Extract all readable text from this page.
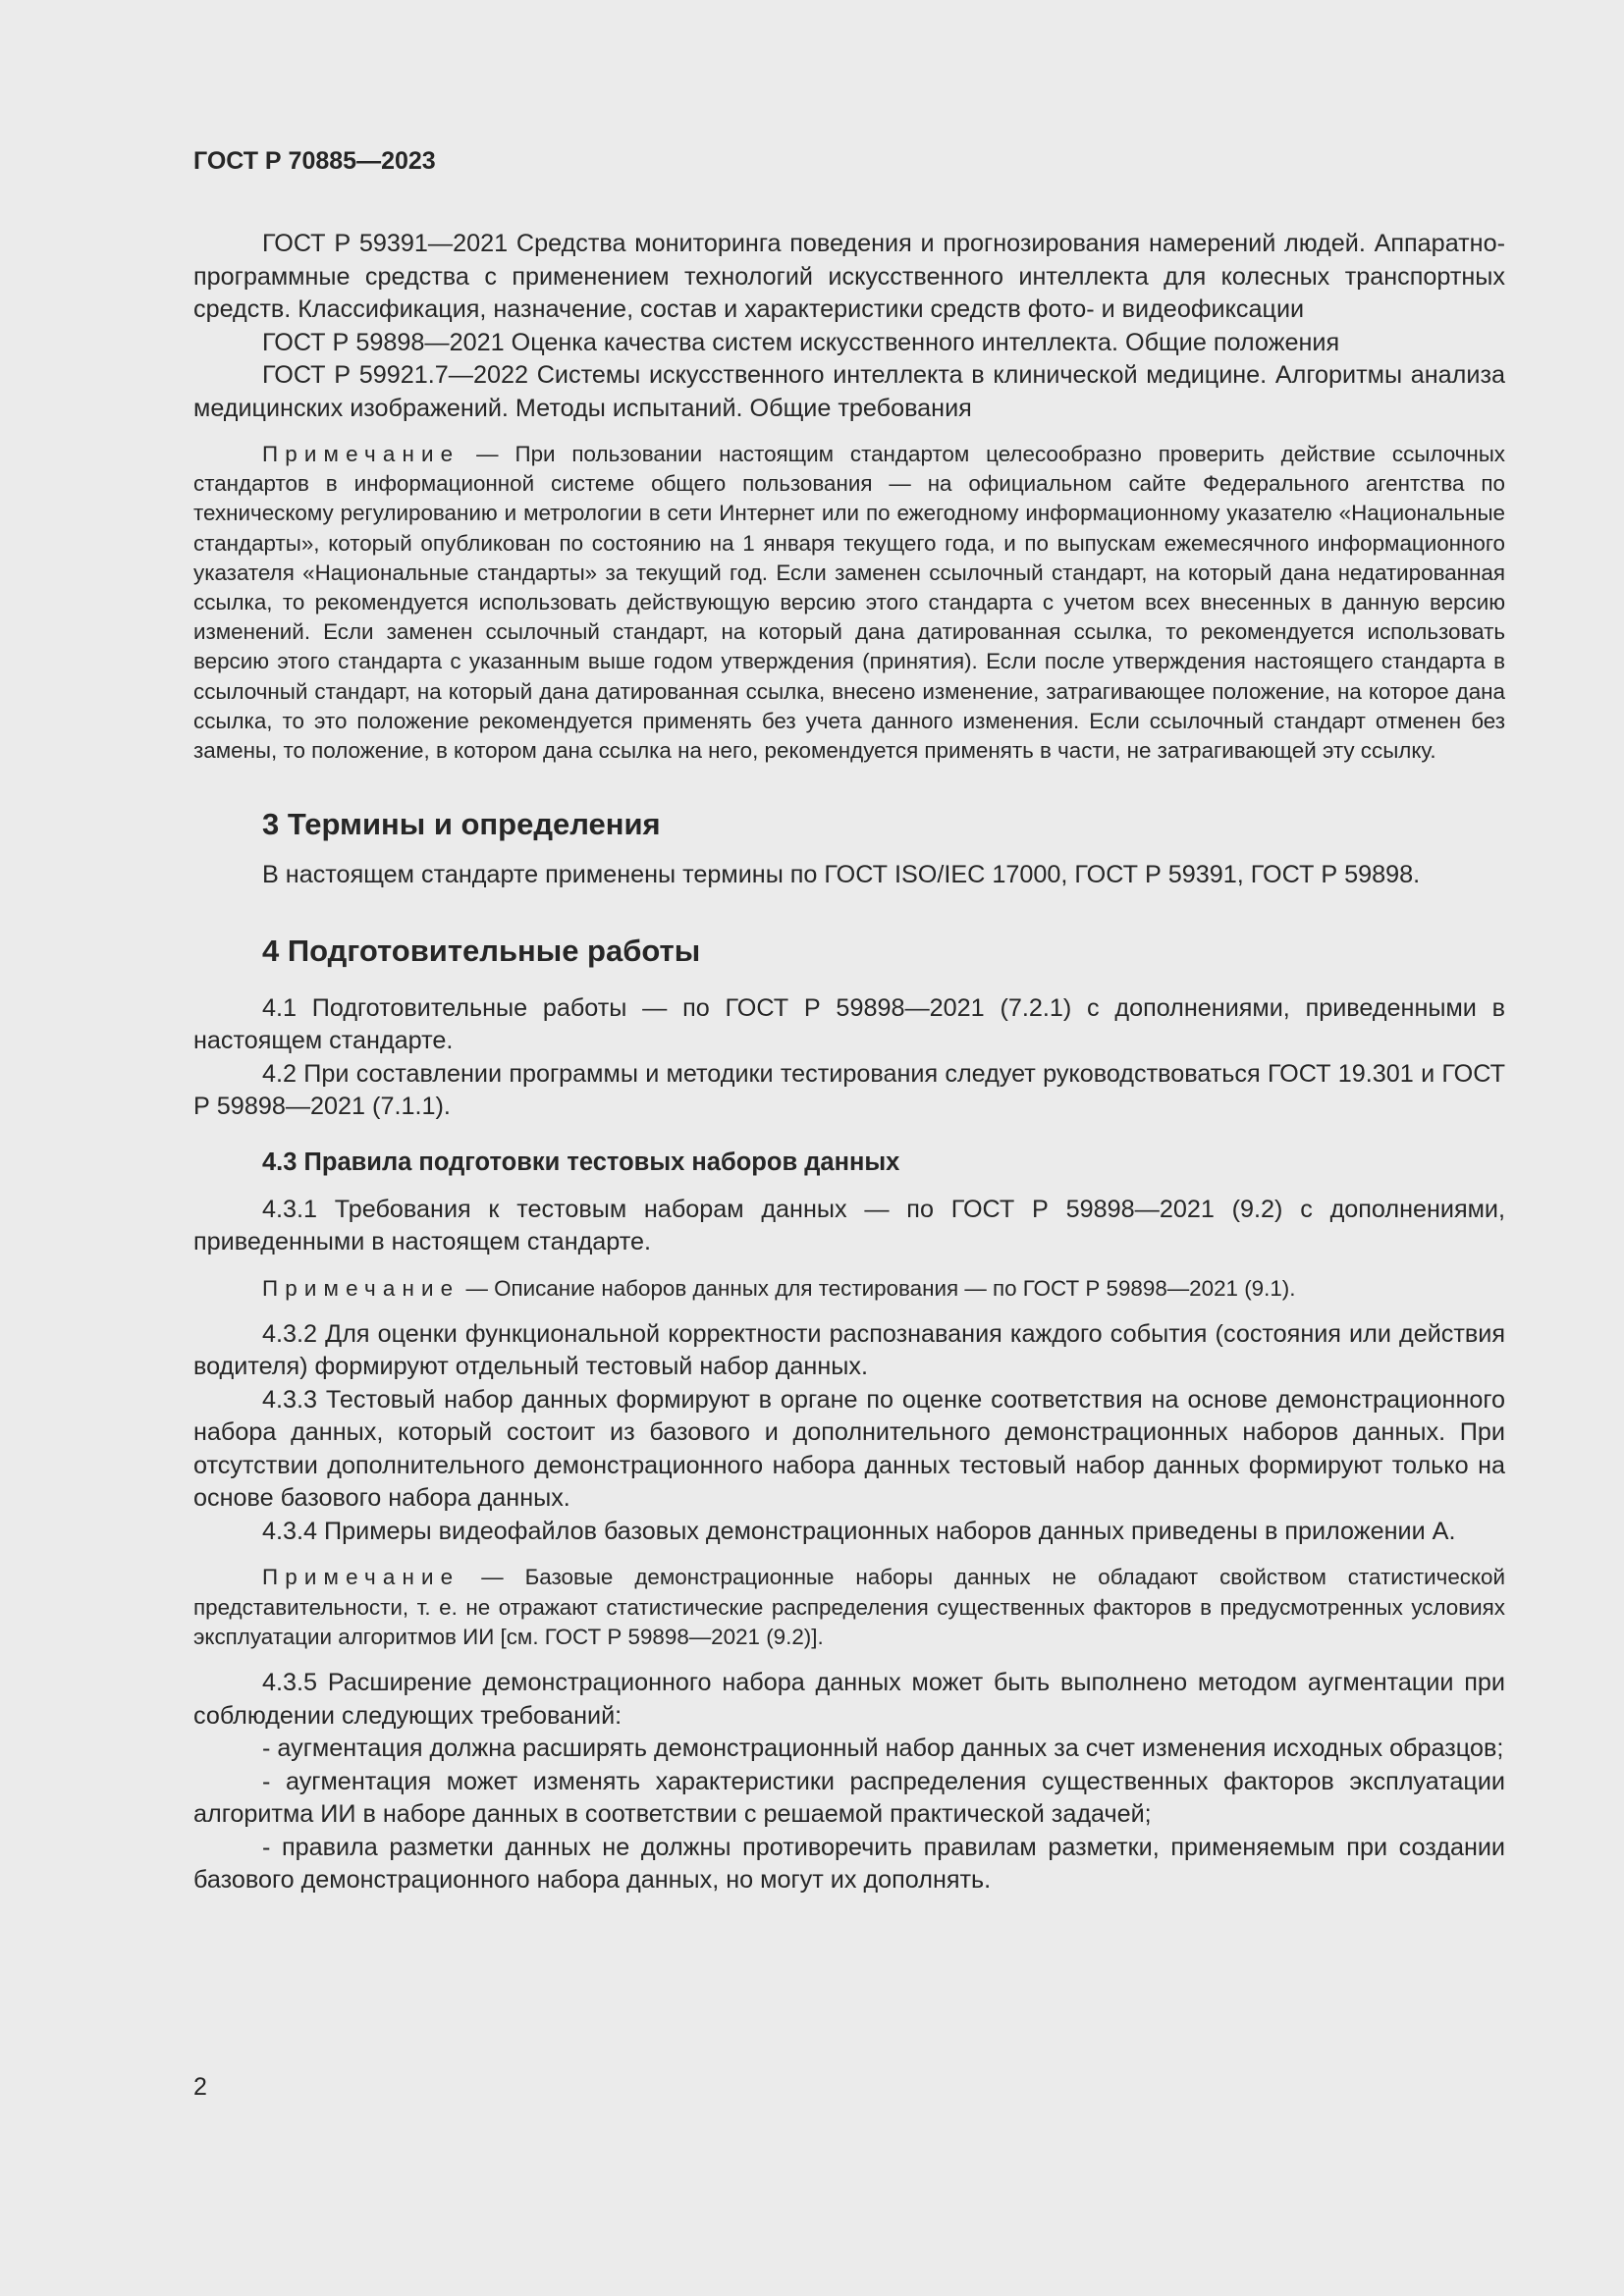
ГОСТ Р 70885—2023

ГОСТ Р 59391—2021 Средства мониторинга поведения и прогнозирования намерений людей. Аппаратно-программные средства с применением технологий искусственного интеллекта для колесных транспортных средств. Классификация, назначение, состав и характеристики средств фото- и видеофиксации

ГОСТ Р 59898—2021 Оценка качества систем искусственного интеллекта. Общие положения

ГОСТ Р 59921.7—2022 Системы искусственного интеллекта в клинической медицине. Алгоритмы анализа медицинских изображений. Методы испытаний. Общие требования

Примечание — При пользовании настоящим стандартом целесообразно проверить действие ссылочных стандартов в информационной системе общего пользования — на официальном сайте Федерального агентства по техническому регулированию и метрологии в сети Интернет или по ежегодному информационному указателю «Национальные стандарты», который опубликован по состоянию на 1 января текущего года, и по выпускам ежемесячного информационного указателя «Национальные стандарты» за текущий год. Если заменен ссылочный стандарт, на который дана недатированная ссылка, то рекомендуется использовать действующую версию этого стандарта с учетом всех внесенных в данную версию изменений. Если заменен ссылочный стандарт, на который дана датированная ссылка, то рекомендуется использовать версию этого стандарта с указанным выше годом утверждения (принятия). Если после утверждения настоящего стандарта в ссылочный стандарт, на который дана датированная ссылка, внесено изменение, затрагивающее положение, на которое дана ссылка, то это положение рекомендуется применять без учета данного изменения. Если ссылочный стандарт отменен без замены, то положение, в котором дана ссылка на него, рекомендуется применять в части, не затрагивающей эту ссылку.

3 Термины и определения

В настоящем стандарте применены термины по ГОСТ ISO/IEC 17000, ГОСТ Р 59391, ГОСТ Р 59898.

4 Подготовительные работы

4.1 Подготовительные работы — по ГОСТ Р 59898—2021 (7.2.1) с дополнениями, приведенными в настоящем стандарте.

4.2 При составлении программы и методики тестирования следует руководствоваться ГОСТ 19.301 и ГОСТ Р 59898—2021 (7.1.1).

4.3 Правила подготовки тестовых наборов данных

4.3.1 Требования к тестовым наборам данных — по ГОСТ Р 59898—2021 (9.2) с дополнениями, приведенными в настоящем стандарте.

Примечание — Описание наборов данных для тестирования — по ГОСТ Р 59898—2021 (9.1).

4.3.2 Для оценки функциональной корректности распознавания каждого события (состояния или действия водителя) формируют отдельный тестовый набор данных.

4.3.3 Тестовый набор данных формируют в органе по оценке соответствия на основе демонстрационного набора данных, который состоит из базового и дополнительного демонстрационных наборов данных. При отсутствии дополнительного демонстрационного набора данных тестовый набор данных формируют только на основе базового набора данных.

4.3.4 Примеры видеофайлов базовых демонстрационных наборов данных приведены в приложении А.

Примечание — Базовые демонстрационные наборы данных не обладают свойством статистической представительности, т. е. не отражают статистические распределения существенных факторов в предусмотренных условиях эксплуатации алгоритмов ИИ [см. ГОСТ Р 59898—2021 (9.2)].

4.3.5 Расширение демонстрационного набора данных может быть выполнено методом аугментации при соблюдении следующих требований:

- аугментация должна расширять демонстрационный набор данных за счет изменения исходных образцов;

- аугментация может изменять характеристики распределения существенных факторов эксплуатации алгоритма ИИ в наборе данных в соответствии с решаемой практической задачей;

- правила разметки данных не должны противоречить правилам разметки, применяемым при создании базового демонстрационного набора данных, но могут их дополнять.

2
